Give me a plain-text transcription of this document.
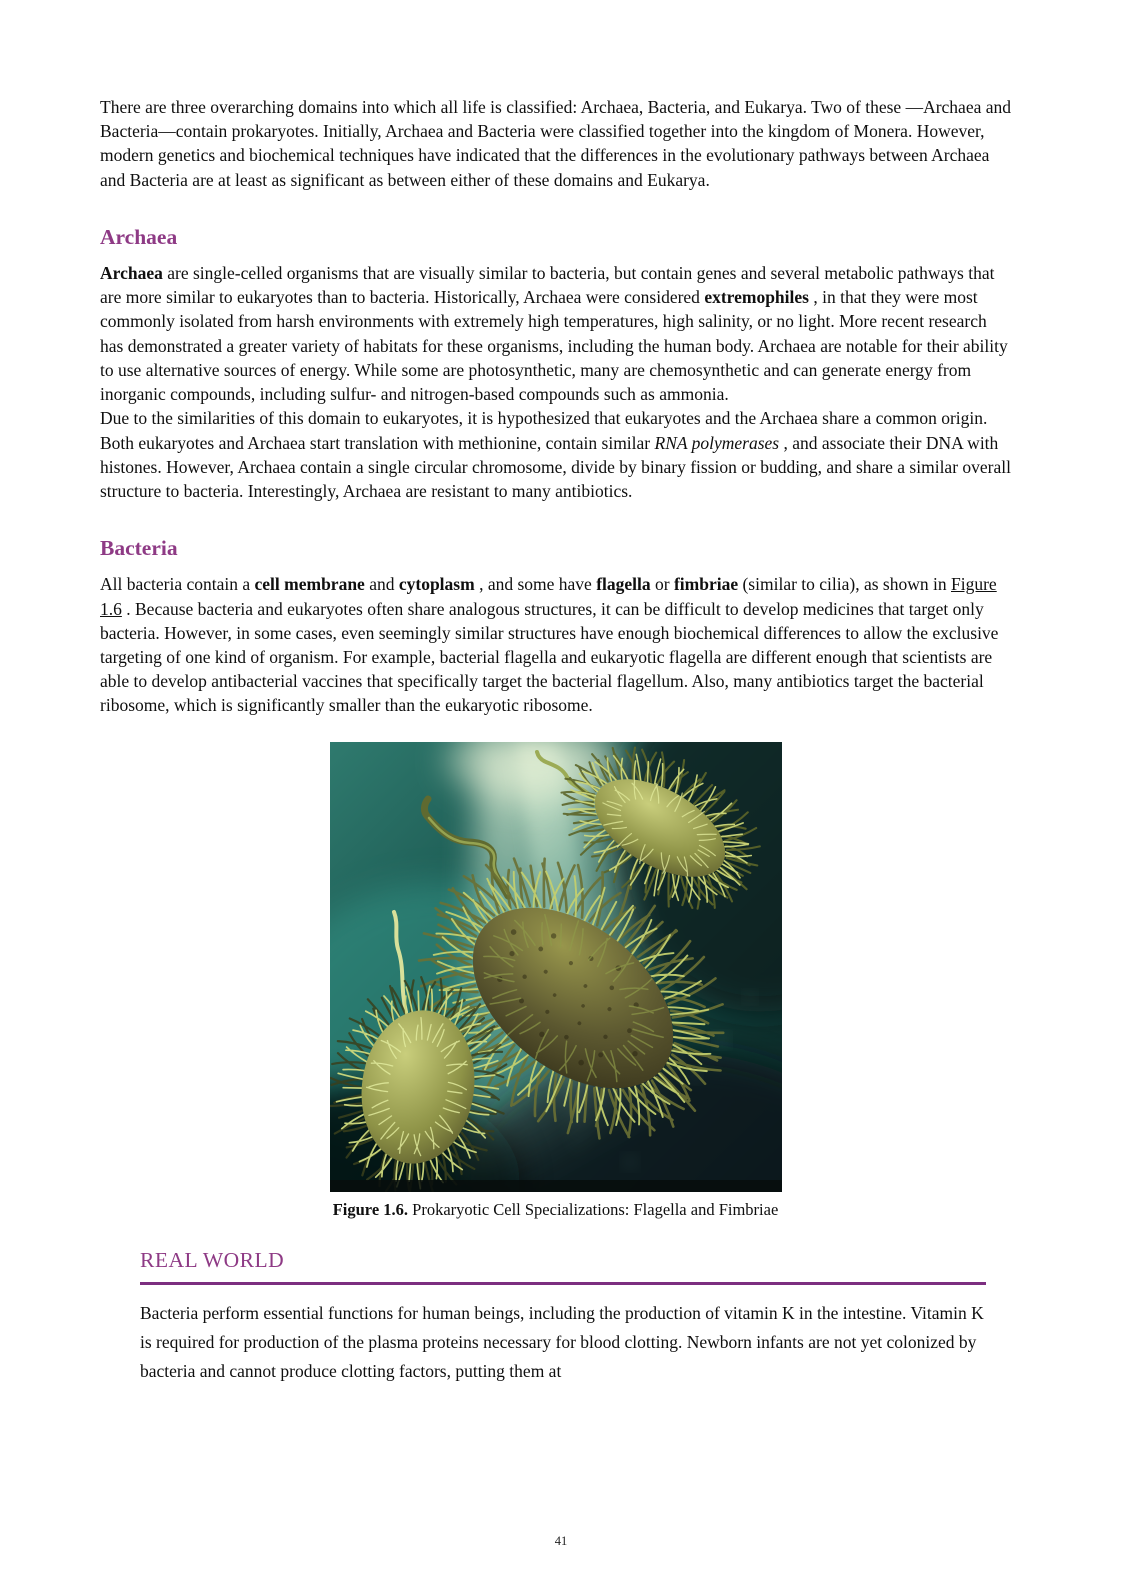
There are three overarching domains into which all life is classified: Archaea, Bacteria, and Eukarya. Two of these —Archaea and Bacteria—contain prokaryotes. Initially, Archaea and Bacteria were classified together into the kingdom of Monera. However, modern genetics and biochemical techniques have indicated that the differences in the evolutionary pathways between Archaea and Bacteria are at least as significant as between either of these domains and Eukarya.

Archaea

Archaea are single-celled organisms that are visually similar to bacteria, but contain genes and several metabolic pathways that are more similar to eukaryotes than to bacteria. Historically, Archaea were considered extremophiles , in that they were most commonly isolated from harsh environments with extremely high temperatures, high salinity, or no light. More recent research has demonstrated a greater variety of habitats for these organisms, including the human body. Archaea are notable for their ability to use alternative sources of energy. While some are photosynthetic, many are chemosynthetic and can generate energy from inorganic compounds, including sulfur- and nitrogen-based compounds such as ammonia.

Due to the similarities of this domain to eukaryotes, it is hypothesized that eukaryotes and the Archaea share a common origin. Both eukaryotes and Archaea start translation with methionine, contain similar RNA polymerases , and associate their DNA with histones. However, Archaea contain a single circular chromosome, divide by binary fission or budding, and share a similar overall structure to bacteria. Interestingly, Archaea are resistant to many antibiotics.

Bacteria

All bacteria contain a cell membrane and cytoplasm , and some have flagella or fimbriae (similar to cilia), as shown in Figure 1.6 . Because bacteria and eukaryotes often share analogous structures, it can be difficult to develop medicines that target only bacteria. However, in some cases, even seemingly similar structures have enough biochemical differences to allow the exclusive targeting of one kind of organism. For example, bacterial flagella and eukaryotic flagella are different enough that scientists are able to develop antibacterial vaccines that specifically target the bacterial flagellum. Also, many antibiotics target the bacterial ribosome, which is significantly smaller than the eukaryotic ribosome.

Figure 1.6. Prokaryotic Cell Specializations: Flagella and Fimbriae
REAL WORLD

Bacteria perform essential functions for human beings, including the production of vitamin K in the intestine. Vitamin K is required for production of the plasma proteins necessary for blood clotting. Newborn infants are not yet colonized by bacteria and cannot produce clotting factors, putting them at

41
